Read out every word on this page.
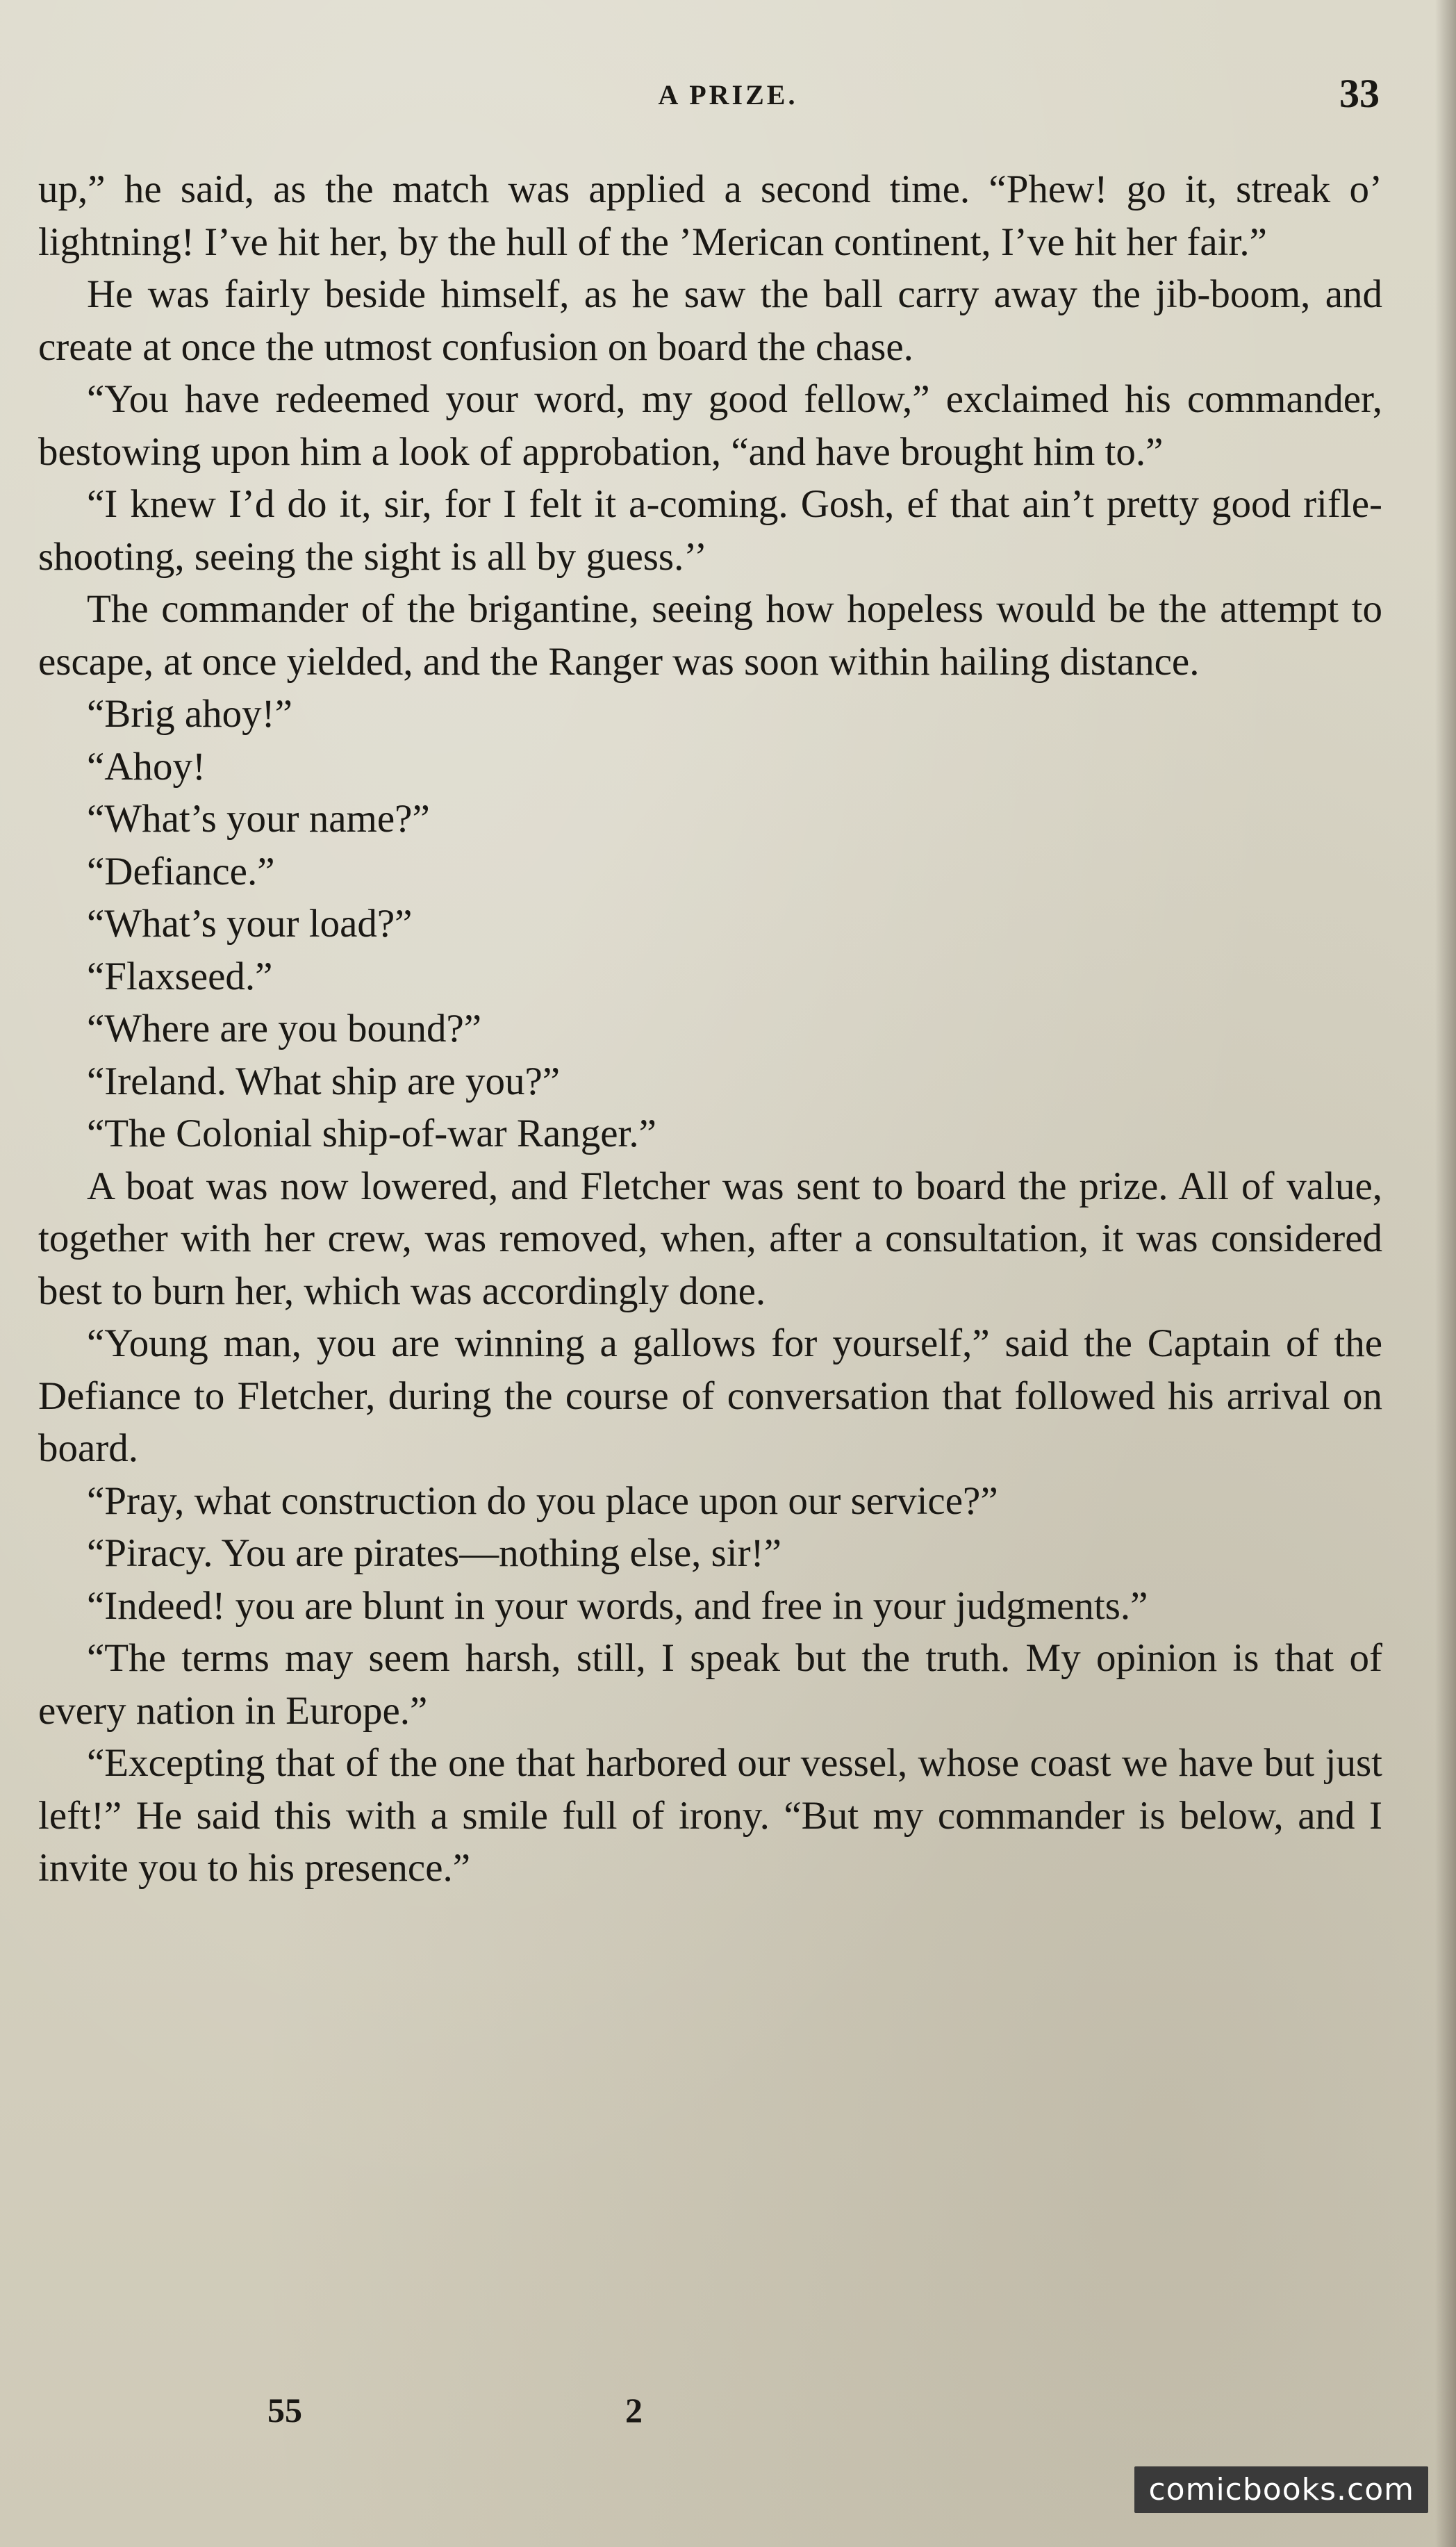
A PRIZE.	33

up,” he said, as the match was applied a second time. “Phew! go it, streak o’ lightning! I’ve hit her, by the hull of the ’Merican continent, I’ve hit her fair.”

He was fairly beside himself, as he saw the ball carry away the jib-boom, and create at once the utmost confusion on board the chase.

“You have redeemed your word, my good fellow,” exclaimed his commander, bestowing upon him a look of approbation, “and have brought him to.”

“I knew I’d do it, sir, for I felt it a-coming. Gosh, ef that ain’t pretty good rifle-shooting, seeing the sight is all by guess.’’

The commander of the brigantine, seeing how hopeless would be the attempt to escape, at once yielded, and the Ranger was soon within hailing distance.

“Brig ahoy!”

“Ahoy!

“What’s your name?”

“Defiance.”

“What’s your load?”

“Flaxseed.”

“Where are you bound?”

“Ireland. What ship are you?”

“The Colonial ship-of-war Ranger.”

A boat was now lowered, and Fletcher was sent to board the prize. All of value, together with her crew, was removed, when, after a consultation, it was considered best to burn her, which was accordingly done.

“Young man, you are winning a gallows for yourself,” said the Captain of the Defiance to Fletcher, during the course of conversation that followed his arrival on board.

“Pray, what construction do you place upon our service?”

“Piracy. You are pirates—nothing else, sir!”

“Indeed! you are blunt in your words, and free in your judgments.”

“The terms may seem harsh, still, I speak but the truth. My opinion is that of every nation in Europe.”

“Excepting that of the one that harbored our vessel, whose coast we have but just left!” He said this with a smile full of irony. “But my commander is below, and I invite you to his presence.”

55	2
comicbooks.com
